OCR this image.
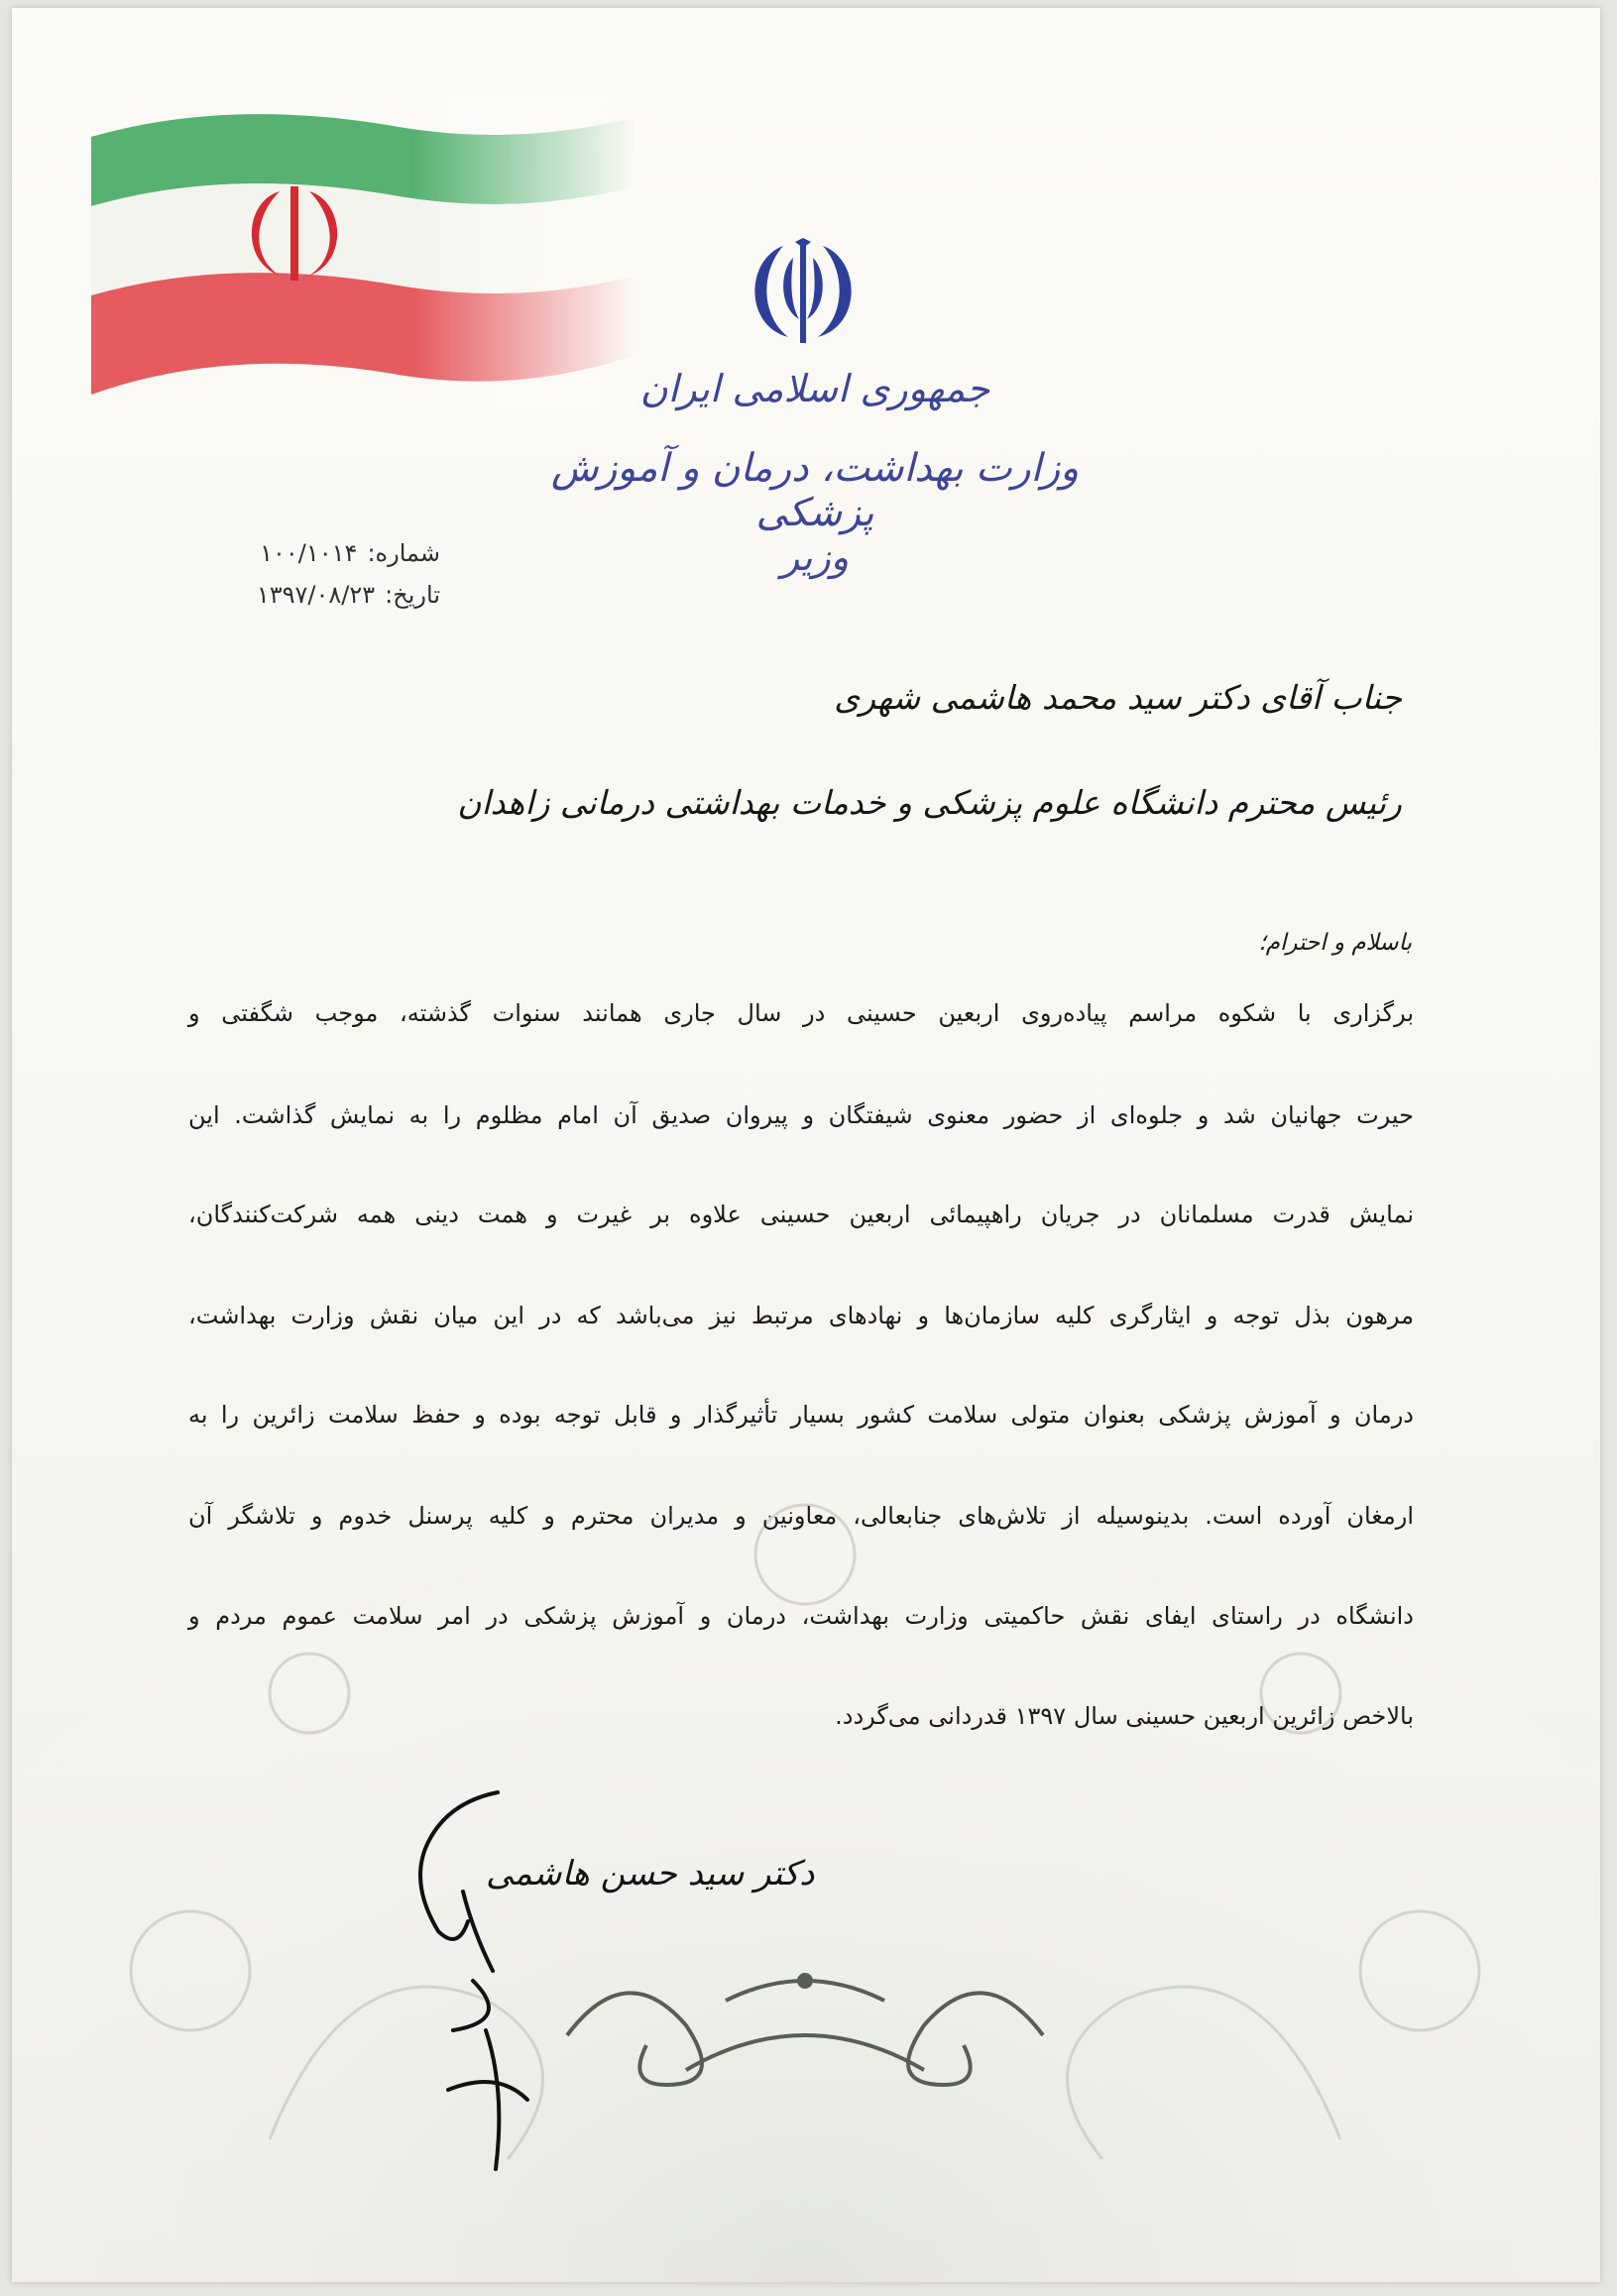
جمهوری اسلامی ایران
وزارت بهداشت، درمان و آموزش پزشکی
وزیر
شماره:۱۰۰/۱۰۱۴
تاریخ:۱۳۹۷/۰۸/۲۳
جناب آقای دکتر سید محمد هاشمی شهری
رئیس محترم دانشگاه علوم پزشکی و خدمات بهداشتی درمانی زاهدان
باسلام و احترام؛
برگزاری با شکوه مراسم پیاده‌روی اربعین حسینی در سال جاری همانند سنوات گذشته، موجب شگفتی و
حیرت جهانیان شد و جلوه‌ای از حضور معنوی شیفتگان و پیروان صدیق آن امام مظلوم را به نمایش گذاشت. این
نمایش قدرت مسلمانان در جریان راهپیمائی اربعین حسینی علاوه بر غیرت و همت دینی همه شرکت‌کنندگان،
مرهون بذل توجه و ایثارگری کلیه سازمان‌ها و نهادهای مرتبط نیز می‌باشد که در این میان نقش وزارت بهداشت،
درمان و آموزش پزشکی بعنوان متولی سلامت کشور بسیار تأثیرگذار و قابل توجه بوده و حفظ سلامت زائرین را به
ارمغان آورده است. بدینوسیله از تلاش‌های جنابعالی، معاونین و مدیران محترم و کلیه پرسنل خدوم و تلاشگر آن
دانشگاه در راستای ایفای نقش حاکمیتی وزارت بهداشت، درمان و آموزش پزشکی در امر سلامت عموم مردم و
بالاخص زائرین اربعین حسینی سال ۱۳۹۷ قدردانی می‌گردد.
دکتر سید حسن هاشمی
